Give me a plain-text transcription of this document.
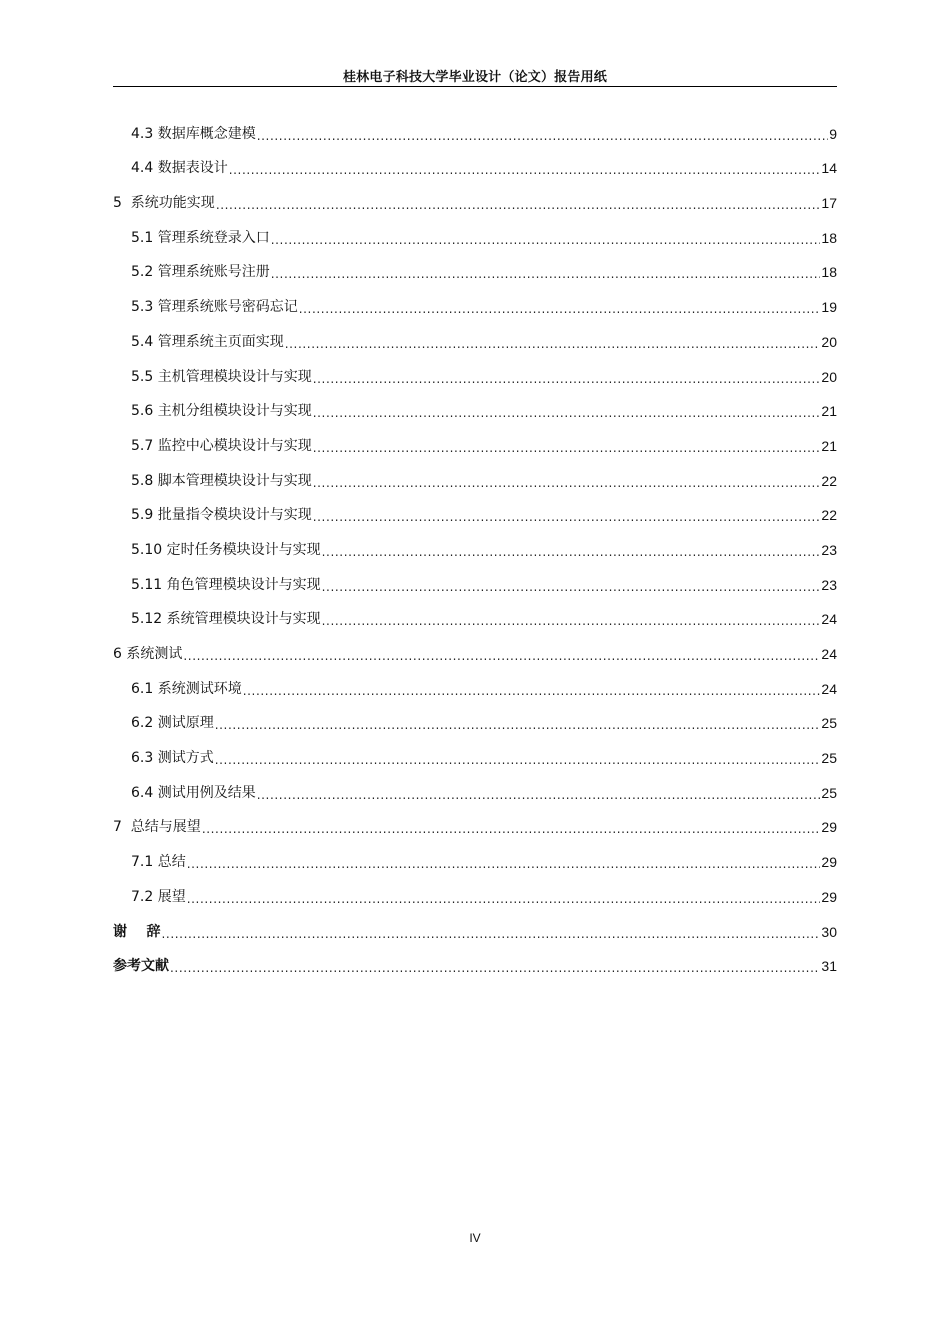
桂林电子科技大学毕业设计（论文）报告用纸
4.3 数据库概念建模 .....	9
4.4 数据表设计 .....	14
5  系统功能实现 .....	17
5.1 管理系统登录入口 .....	18
5.2 管理系统账号注册 .....	18
5.3 管理系统账号密码忘记 .....	19
5.4 管理系统主页面实现 .....	20
5.5 主机管理模块设计与实现 .....	20
5.6 主机分组模块设计与实现 .....	21
5.7 监控中心模块设计与实现 .....	21
5.8 脚本管理模块设计与实现 .....	22
5.9 批量指令模块设计与实现 .....	22
5.10 定时任务模块设计与实现 .....	23
5.11 角色管理模块设计与实现 .....	23
5.12 系统管理模块设计与实现 .....	24
6 系统测试 .....	24
6.1 系统测试环境 .....	24
6.2 测试原理 .....	25
6.3 测试方式 .....	25
6.4 测试用例及结果 .....	25
7  总结与展望 .....	29
7.1 总结 .....	29
7.2 展望 .....	29
谢    辞 .....	30
参考文献 .....	31
IV
